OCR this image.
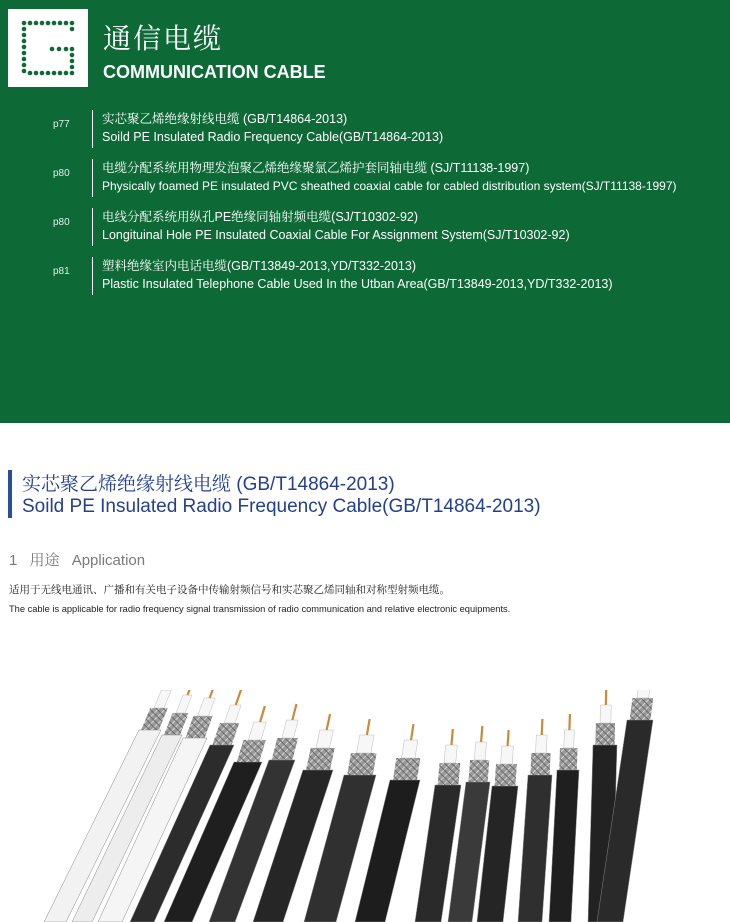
通信电缆
COMMUNICATION CABLE
p77	实芯聚乙烯绝缘射线电缆 (GB/T14864-2013)
Soild PE Insulated Radio Frequency Cable(GB/T14864-2013)
p80	电缆分配系统用物理发泡聚乙烯绝缘聚氯乙烯护套同轴电缆 (SJ/T11138-1997)
Physically foamed PE insulated PVC sheathed coaxial cable for cabled distribution system(SJ/T11138-1997)
p80	电线分配系统用纵孔PE绝缘同轴射频电缆(SJ/T10302-92)
Longituinal Hole PE Insulated Coaxial Cable For Assignment System(SJ/T10302-92)
p81	塑料绝缘室内电话电缆(GB/T13849-2013,YD/T332-2013)
Plastic Insulated Telephone Cable Used In the Utban Area(GB/T13849-2013,YD/T332-2013)
实芯聚乙烯绝缘射线电缆 (GB/T14864-2013)
Soild PE Insulated Radio Frequency Cable(GB/T14864-2013)
1 用途 Application
适用于无线电通讯、广播和有关电子设备中传输射频信号和实芯聚乙烯同轴和对称型射频电缆。
The cable is applicable for radio frequency signal transmission of radio communication and relative electronic equipments.
